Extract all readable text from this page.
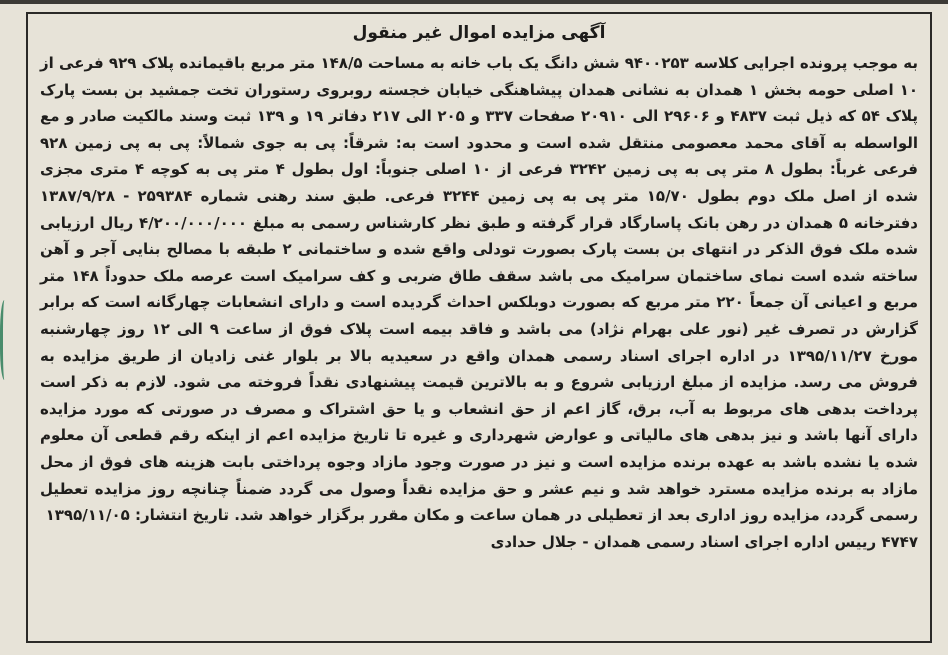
آگهی مزایده اموال غیر منقول

به موجب پرونده اجرایی کلاسه ۹۴۰۰۲۵۳ شش دانگ یک باب خانه به مساحت ۱۴۸/۵ متر مربع باقیمانده پلاک ۹۲۹ فرعی از ۱۰ اصلی حومه بخش ۱ همدان به نشانی همدان پیشاهنگی خیابان خجسته روبروی رستوران تخت جمشید بن بست پارک پلاک ۵۴ که ذیل ثبت ۴۸۳۷ و ۲۹۶۰۶ الی ۲۰۹۱۰ صفحات ۳۳۷ و ۲۰۵ الی ۲۱۷ دفاتر ۱۹ و ۱۳۹ ثبت وسند مالکیت صادر و مع الواسطه به آقای محمد معصومی منتقل شده است و محدود است به: شرقاً: پی به جوی شمالاً: پی به پی زمین ۹۲۸ فرعی غرباً: بطول ۸ متر پی به پی زمین ۳۲۴۲ فرعی از ۱۰ اصلی جنوباً: اول بطول ۴ متر پی به کوچه ۴ متری مجزی شده از اصل ملک دوم بطول ۱۵/۷۰ متر پی به پی زمین ۳۲۴۴ فرعی. طبق سند رهنی شماره ۲۵۹۳۸۴ - ۱۳۸۷/۹/۲۸ دفترخانه ۵ همدان در رهن بانک پاسارگاد قرار گرفته و طبق نظر کارشناس رسمی به مبلغ ۴/۲۰۰/۰۰۰/۰۰۰ ریال ارزیابی شده ملک فوق الذکر در انتهای بن بست پارک بصورت تودلی واقع شده و ساختمانی ۲ طبقه با مصالح بنایی آجر و آهن ساخته شده است نمای ساختمان سرامیک می باشد سقف طاق ضربی و کف سرامیک است عرصه ملک حدوداً ۱۴۸ متر مربع و اعیانی آن جمعاً ۲۲۰ متر مربع که بصورت دوبلکس احداث گردیده است و دارای انشعابات چهارگانه است که برابر گزارش در تصرف غیر (نور علی بهرام نژاد) می باشد و فاقد بیمه است پلاک فوق از ساعت ۹ الی ۱۲ روز چهارشنبه مورخ ۱۳۹۵/۱۱/۲۷ در اداره اجرای اسناد رسمی همدان واقع در سعیدیه بالا بر بلوار غنی زادیان از طریق مزایده به فروش می رسد. مزایده از مبلغ ارزیابی شروع و به بالاترین قیمت پیشنهادی نقداً فروخته می شود. لازم به ذکر است پرداخت بدهی های مربوط به آب، برق، گاز اعم از حق انشعاب و یا حق اشتراک و مصرف در صورتی که مورد مزایده دارای آنها باشد و نیز بدهی های مالیاتی و عوارض شهرداری و غیره تا تاریخ مزایده اعم از اینکه رقم قطعی آن معلوم شده یا نشده باشد به عهده برنده مزایده است و نیز در صورت وجود مازاد وجوه پرداختی بابت هزینه های فوق از محل مازاد به برنده مزایده مسترد خواهد شد و نیم عشر و حق مزایده نقداً وصول می گردد ضمناً چنانچه روز مزایده تعطیل رسمی گردد، مزایده روز اداری بعد از تعطیلی در همان ساعت و مکان مقرر برگزار خواهد شد. تاریخ انتشار: ۱۳۹۵/۱۱/۰۵

۴۷۴۷ رییس اداره اجرای اسناد رسمی همدان - جلال حدادی
